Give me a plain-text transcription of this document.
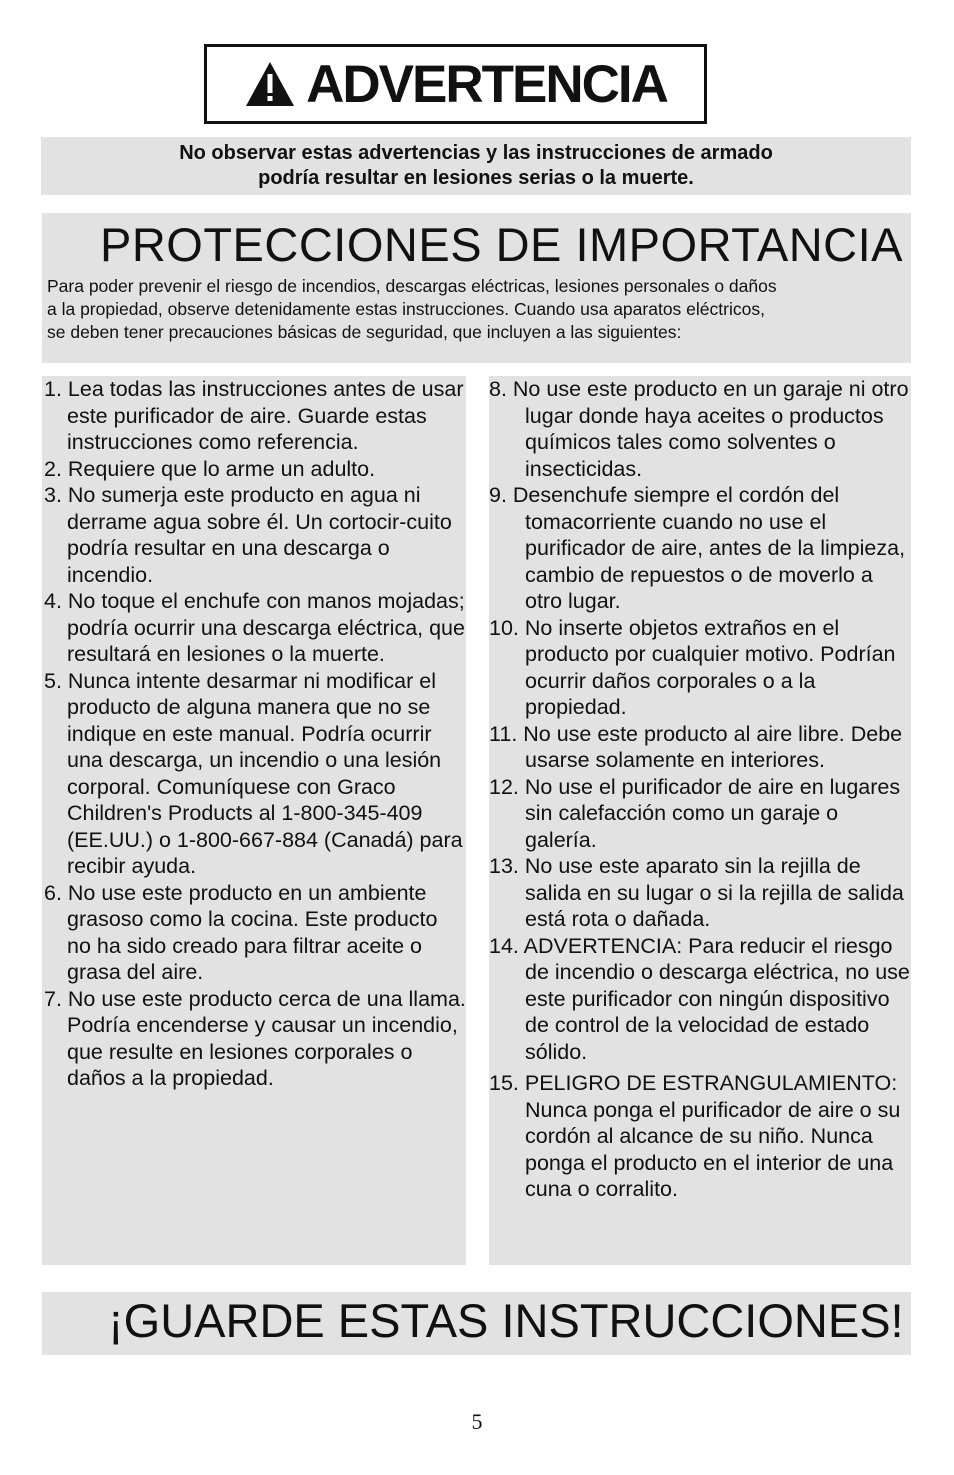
ADVERTENCIA
No observar estas advertencias y las instrucciones de armado
podría resultar en lesiones serias o la muerte.
PROTECCIONES DE IMPORTANCIA
Para poder prevenir el riesgo de incendios, descargas eléctricas, lesiones personales o daños
a la propiedad, observe detenidamente estas instrucciones. Cuando usa aparatos eléctricos,
se deben tener precauciones básicas de seguridad, que incluyen a las siguientes:
1. Lea todas las instrucciones antes de usar este purificador de aire. Guarde estas instrucciones como referencia.
2. Requiere que lo arme un adulto.
3. No sumerja este producto en agua ni derrame agua sobre él. Un cortocir-cuito podría resultar en una descarga o incendio.
4. No toque el enchufe con manos mojadas; podría ocurrir una descarga eléctrica, que resultará en lesiones o la muerte.
5. Nunca intente desarmar ni modificar el producto de alguna manera que no se indique en este manual. Podría ocurrir una descarga, un incendio o una lesión corporal. Comuníquese con Graco Children's Products al 1-800-345-409 (EE.UU.) o 1-800-667-884 (Canadá) para recibir ayuda.
6. No use este producto en un ambiente grasoso como la cocina. Este producto no ha sido creado para filtrar aceite o grasa del aire.
7. No use este producto cerca de una llama. Podría encenderse y causar un incendio, que resulte en lesiones corporales o daños a la propiedad.
8. No use este producto en un garaje ni otro lugar donde haya aceites o productos químicos tales como solventes o insecticidas.
9. Desenchufe siempre el cordón del tomacorriente cuando no use el purificador de aire, antes de la limpieza, cambio de repuestos o de moverlo a otro lugar.
10. No inserte objetos extraños en el producto por cualquier motivo. Podrían ocurrir daños corporales o a la propiedad.
11. No use este producto al aire libre. Debe usarse solamente en interiores.
12. No use el purificador de aire en lugares sin calefacción como un garaje o galería.
13. No use este aparato sin la rejilla de salida en su lugar o si la rejilla de salida está rota o dañada.
14. ADVERTENCIA: Para reducir el riesgo de incendio o descarga eléctrica, no use este purificador con ningún dispositivo de control de la velocidad de estado sólido.
15. PELIGRO DE ESTRANGULAMIENTO: Nunca ponga el purificador de aire o su cordón al alcance de su niño. Nunca ponga el producto en el interior de una cuna o corralito.
¡GUARDE ESTAS INSTRUCCIONES!
5
